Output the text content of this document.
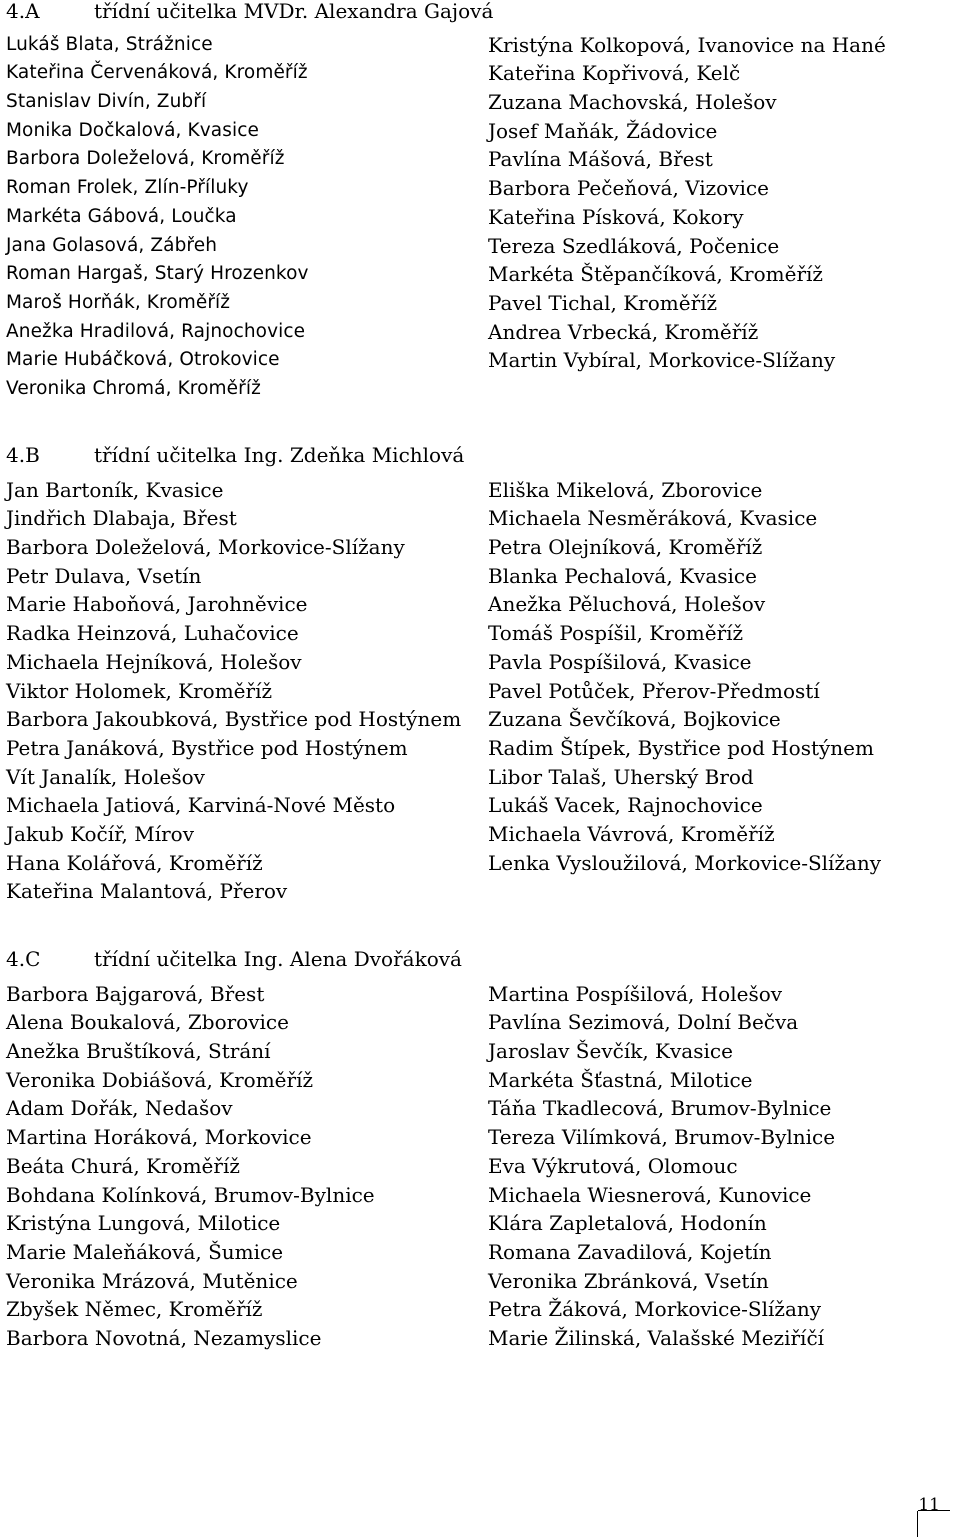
4.A	třídní učitelka MVDr. Alexandra Gajová
Lukáš Blata, Strážnice
Kateřina Červenáková, Kroměříž
Stanislav Divín, Zubří
Monika Dočkalová, Kvasice
Barbora Doleželová, Kroměříž
Roman Frolek, Zlín-Příluky
Markéta Gábová, Loučka
Jana Golasová, Zábřeh
Roman Hargaš, Starý Hrozenkov
Maroš Horňák, Kroměříž
Anežka Hradilová, Rajnochovice
Marie Hubáčková, Otrokovice
Veronika Chromá, Kroměříž
Kristýna Kolkopová, Ivanovice na Hané
Kateřina Kopřivová, Kelč
Zuzana Machovská, Holešov
Josef Maňák, Žádovice
Pavlína Mášová, Břest
Barbora Pečeňová, Vizovice
Kateřina Písková, Kokory
Tereza Szedláková, Počenice
Markéta Štěpančíková, Kroměříž
Pavel Tichal, Kroměříž
Andrea Vrbecká, Kroměříž
Martin Vybíral, Morkovice-Slížany
4.B	třídní učitelka Ing. Zdeňka Michlová
Jan Bartoník, Kvasice
Jindřich Dlabaja, Břest
Barbora Doleželová, Morkovice-Slížany
Petr Dulava, Vsetín
Marie Haboňová, Jarohněvice
Radka Heinzová, Luhačovice
Michaela Hejníková, Holešov
Viktor Holomek, Kroměříž
Barbora Jakoubková, Bystřice pod Hostýnem
Petra Janáková, Bystřice pod Hostýnem
Vít Janalík, Holešov
Michaela Jatiová, Karviná-Nové Město
Jakub Kočíř, Mírov
Hana Kolářová, Kroměříž
Kateřina Malantová, Přerov
Eliška Mikelová, Zborovice
Michaela Nesměráková, Kvasice
Petra Olejníková, Kroměříž
Blanka Pechalová, Kvasice
Anežka Pěluchová, Holešov
Tomáš Pospíšil, Kroměříž
Pavla Pospíšilová, Kvasice
Pavel Potůček, Přerov-Předmostí
Zuzana Ševčíková, Bojkovice
Radim Štípek, Bystřice pod Hostýnem
Libor Talaš, Uherský Brod
Lukáš Vacek, Rajnochovice
Michaela Vávrová, Kroměříž
Lenka Vysloužilová, Morkovice-Slížany
4.C	třídní učitelka Ing. Alena Dvořáková
Barbora Bajgarová, Břest
Alena Boukalová, Zborovice
Anežka Bruštíková, Strání
Veronika Dobiášová, Kroměříž
Adam Dořák, Nedašov
Martina Horáková, Morkovice
Beáta Churá, Kroměříž
Bohdana Kolínková, Brumov-Bylnice
Kristýna Lungová, Milotice
Marie Maleňáková, Šumice
Veronika Mrázová, Mutěnice
Zbyšek Němec, Kroměříž
Barbora Novotná, Nezamyslice
Martina Pospíšilová, Holešov
Pavlína Sezimová, Dolní Bečva
Jaroslav Ševčík, Kvasice
Markéta Šťastná, Milotice
Táňa Tkadlecová, Brumov-Bylnice
Tereza Vilímková, Brumov-Bylnice
Eva Výkrutová, Olomouc
Michaela Wiesnerová, Kunovice
Klára Zapletalová, Hodonín
Romana Zavadilová, Kojetín
Veronika Zbránková, Vsetín
Petra Žáková, Morkovice-Slížany
Marie Žilinská, Valašské Meziříčí
11
